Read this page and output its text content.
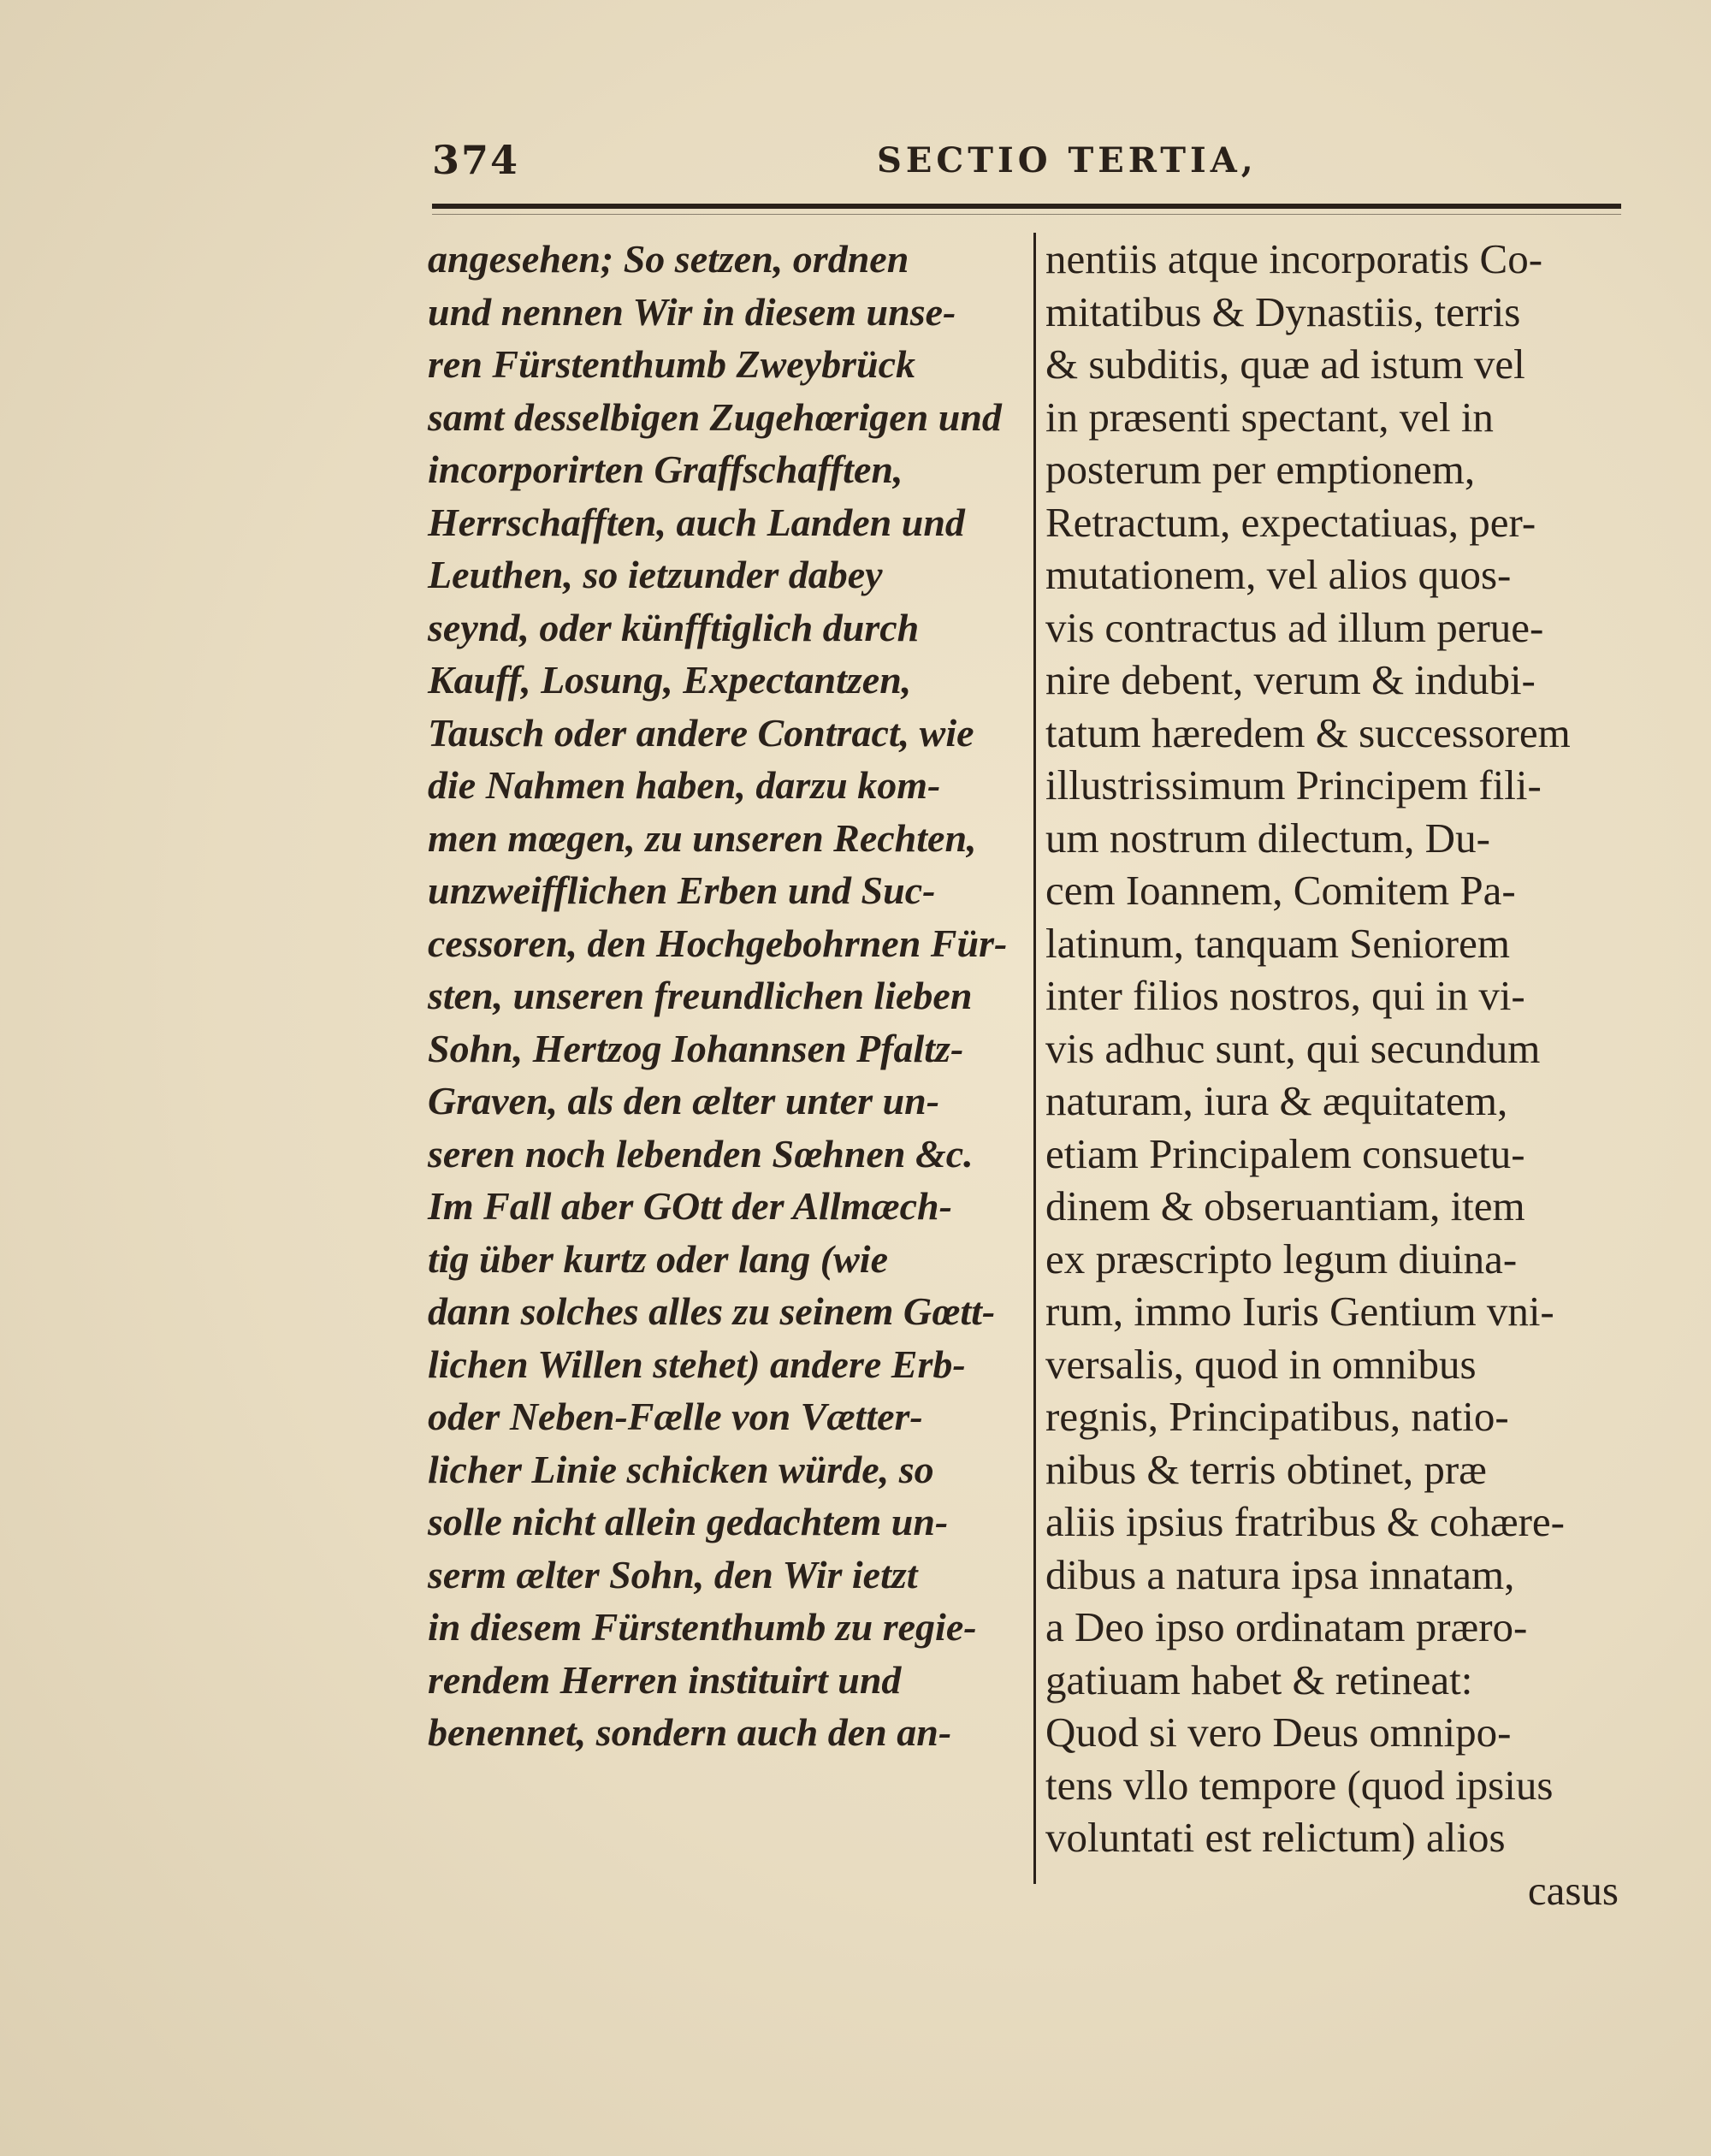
374	SECTIO TERTIA,
angesehen; So setzen, ordnen
und nennen Wir in diesem unse-
ren Fürstenthumb Zweybrück
samt desselbigen Zugehœrigen und
incorporirten Graffschafften,
Herrschafften, auch Landen und
Leuthen, so ietzunder dabey
seynd, oder künfftiglich durch
Kauff, Losung, Expectantzen,
Tausch oder andere Contract, wie
die Nahmen haben, darzu kom-
men mœgen, zu unseren Rechten,
unzweifflichen Erben und Suc-
cessoren, den Hochgebohrnen Für-
sten, unseren freundlichen lieben
Sohn, Hertzog Iohannsen Pfaltz-
Graven, als den ælter unter un-
seren noch lebenden Sœhnen &c.
Im Fall aber GOtt der Allmæch-
tig über kurtz oder lang (wie
dann solches alles zu seinem Gœtt-
lichen Willen stehet) andere Erb-
oder Neben-Fælle von Vætter-
licher Linie schicken würde, so
solle nicht allein gedachtem un-
serm ælter Sohn, den Wir ietzt
in diesem Fürstenthumb zu regie-
rendem Herren instituirt und
benennet, sondern auch den an-
nentiis atque incorporatis Co-
mitatibus & Dynastiis, terris
& subditis, quæ ad istum vel
in præsenti spectant, vel in
posterum per emptionem,
Retractum, expectatiuas, per-
mutationem, vel alios quos-
vis contractus ad illum perue-
nire debent, verum & indubi-
tatum hæredem & successorem
illustrissimum Principem fili-
um nostrum dilectum, Du-
cem Ioannem, Comitem Pa-
latinum, tanquam Seniorem
inter filios nostros, qui in vi-
vis adhuc sunt, qui secundum
naturam, iura & æquitatem,
etiam Principalem consuetu-
dinem & obseruantiam, item
ex præscripto legum diuina-
rum, immo Iuris Gentium vni-
versalis, quod in omnibus
regnis, Principatibus, natio-
nibus & terris obtinet, præ
aliis ipsius fratribus & cohære-
dibus a natura ipsa innatam,
a Deo ipso ordinatam præro-
gatiuam habet & retineat:
Quod si vero Deus omnipo-
tens vllo tempore (quod ipsius
voluntati est relictum) alios
casus
